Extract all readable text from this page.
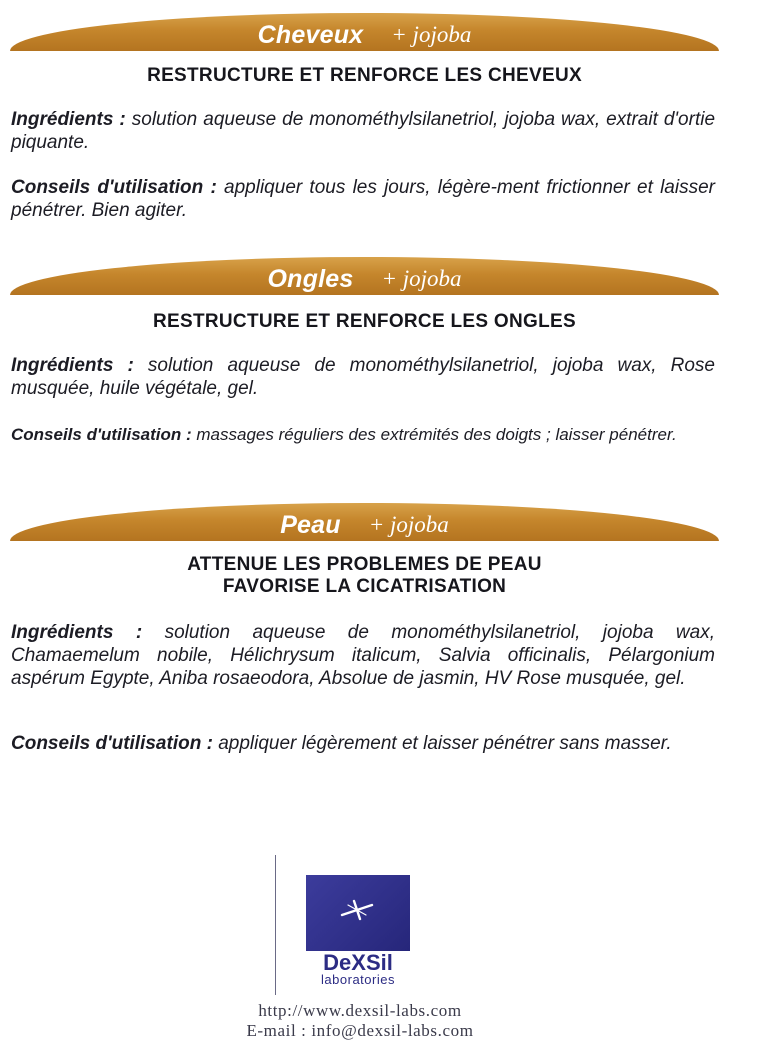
Cheveux + jojoba
RESTRUCTURE ET RENFORCE LES CHEVEUX

Ingrédients : solution aqueuse de monométhylsilanetriol, jojoba wax, extrait d'ortie piquante.

Conseils d'utilisation : appliquer tous les jours, légère-ment frictionner et laisser pénétrer. Bien agiter.

Ongles + jojoba
RESTRUCTURE ET RENFORCE LES ONGLES

Ingrédients : solution aqueuse de monométhylsilanetriol, jojoba wax, Rose musquée, huile végétale, gel.

Conseils d'utilisation : massages réguliers des extrémités des doigts ; laisser pénétrer.

Peau + jojoba
ATTENUE LES PROBLEMES DE PEAU
FAVORISE LA CICATRISATION

Ingrédients : solution aqueuse de monométhylsilanetriol, jojoba wax, Chamaemelum nobile, Hélichrysum italicum, Salvia officinalis, Pélargonium aspérum Egypte, Aniba rosaeodora, Absolue de jasmin, HV Rose musquée, gel.

Conseils d'utilisation : appliquer légèrement et laisser pénétrer sans masser.

DeXSil
laboratories
http://www.dexsil-labs.com
E-mail : info@dexsil-labs.com
